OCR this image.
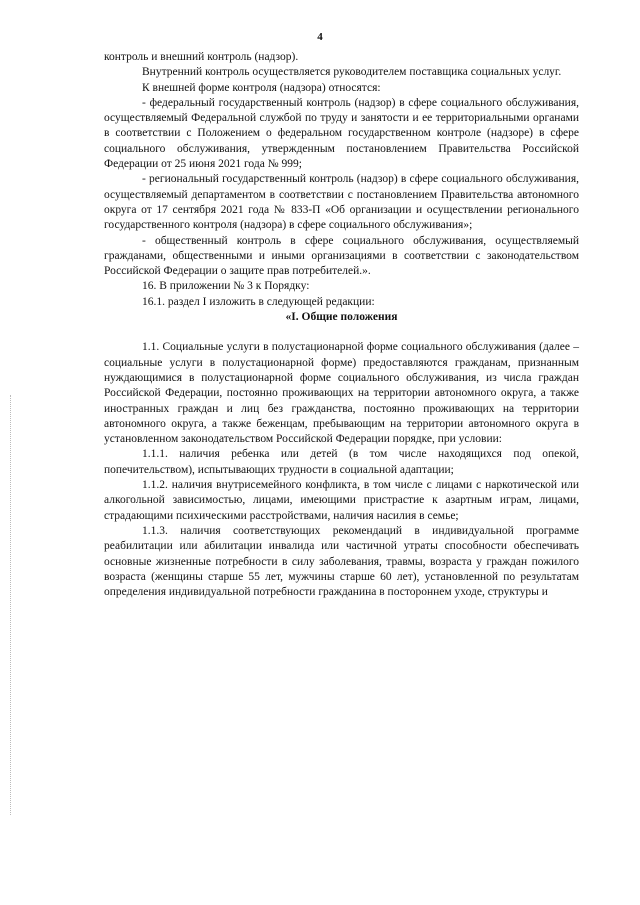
4

контроль и внешний контроль (надзор).

Внутренний контроль осуществляется руководителем поставщика социальных услуг.

К внешней форме контроля (надзора) относятся:

- федеральный государственный контроль (надзор) в сфере социального обслуживания, осуществляемый Федеральной службой по труду и занятости и ее территориальными органами в соответствии с Положением о федеральном государственном контроле (надзоре) в сфере социального обслуживания, утвержденным постановлением Правительства Российской Федерации от 25 июня 2021 года № 999;

- региональный государственный контроль (надзор) в сфере социального обслуживания, осуществляемый департаментом в соответствии с постановлением Правительства автономного округа от 17 сентября 2021 года № 833-П «Об организации и осуществлении регионального государственного контроля (надзора) в сфере социального обслуживания»;

- общественный контроль в сфере социального обслуживания, осуществляемый гражданами, общественными и иными организациями в соответствии с законодательством Российской Федерации о защите прав потребителей.».

16. В приложении № 3 к Порядку:

16.1. раздел I изложить в следующей редакции:

«I. Общие положения

1.1. Социальные услуги в полустационарной форме социального обслуживания (далее – социальные услуги в полустационарной форме) предоставляются гражданам, признанным нуждающимися в полустационарной форме социального обслуживания, из числа граждан Российской Федерации, постоянно проживающих на территории автономного округа, а также иностранных граждан и лиц без гражданства, постоянно проживающих на территории автономного округа, а также беженцам, пребывающим на территории автономного округа в установленном законодательством Российской Федерации порядке, при условии:

1.1.1. наличия ребенка или детей (в том числе находящихся под опекой, попечительством), испытывающих трудности в социальной адаптации;

1.1.2. наличия внутрисемейного конфликта, в том числе с лицами с наркотической или алкогольной зависимостью, лицами, имеющими пристрастие к азартным играм, лицами, страдающими психическими расстройствами, наличия насилия в семье;

1.1.3. наличия соответствующих рекомендаций в индивидуальной программе реабилитации или абилитации инвалида или частичной утраты способности обеспечивать основные жизненные потребности в силу заболевания, травмы, возраста у граждан пожилого возраста (женщины старше 55 лет, мужчины старше 60 лет), установленной по результатам определения индивидуальной потребности гражданина в постороннем уходе, структуры и
